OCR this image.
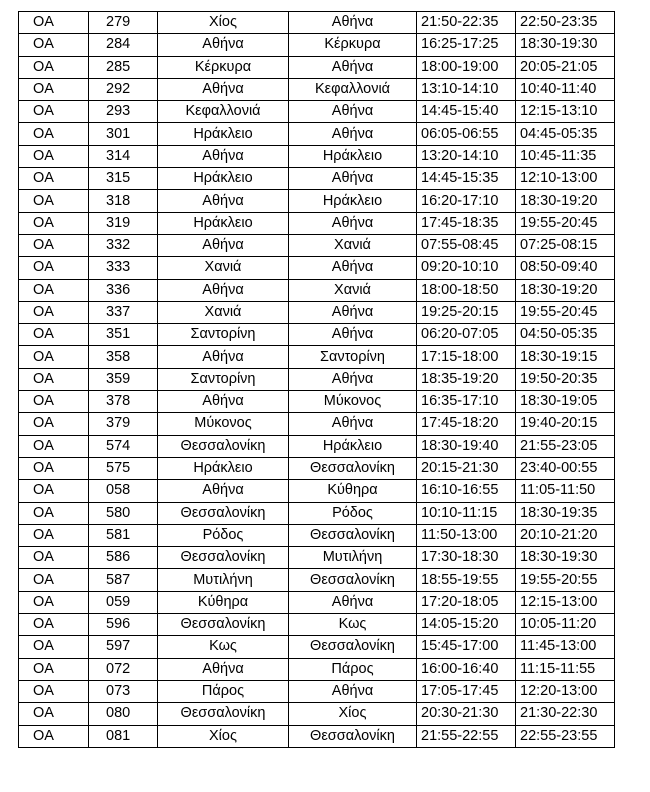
OA	279	Χίος	Αθήνα	21:50-22:35	22:50-23:35
OA	284	Αθήνα	Κέρκυρα	16:25-17:25	18:30-19:30
OA	285	Κέρκυρα	Αθήνα	18:00-19:00	20:05-21:05
OA	292	Αθήνα	Κεφαλλονιά	13:10-14:10	10:40-11:40
OA	293	Κεφαλλονιά	Αθήνα	14:45-15:40	12:15-13:10
OA	301	Ηράκλειο	Αθήνα	06:05-06:55	04:45-05:35
OA	314	Αθήνα	Ηράκλειο	13:20-14:10	10:45-11:35
OA	315	Ηράκλειο	Αθήνα	14:45-15:35	12:10-13:00
OA	318	Αθήνα	Ηράκλειο	16:20-17:10	18:30-19:20
OA	319	Ηράκλειο	Αθήνα	17:45-18:35	19:55-20:45
OA	332	Αθήνα	Χανιά	07:55-08:45	07:25-08:15
OA	333	Χανιά	Αθήνα	09:20-10:10	08:50-09:40
OA	336	Αθήνα	Χανιά	18:00-18:50	18:30-19:20
OA	337	Χανιά	Αθήνα	19:25-20:15	19:55-20:45
OA	351	Σαντορίνη	Αθήνα	06:20-07:05	04:50-05:35
OA	358	Αθήνα	Σαντορίνη	17:15-18:00	18:30-19:15
OA	359	Σαντορίνη	Αθήνα	18:35-19:20	19:50-20:35
OA	378	Αθήνα	Μύκονος	16:35-17:10	18:30-19:05
OA	379	Μύκονος	Αθήνα	17:45-18:20	19:40-20:15
OA	574	Θεσσαλονίκη	Ηράκλειο	18:30-19:40	21:55-23:05
OA	575	Ηράκλειο	Θεσσαλονίκη	20:15-21:30	23:40-00:55
OA	058	Αθήνα	Κύθηρα	16:10-16:55	11:05-11:50
OA	580	Θεσσαλονίκη	Ρόδος	10:10-11:15	18:30-19:35
OA	581	Ρόδος	Θεσσαλονίκη	11:50-13:00	20:10-21:20
OA	586	Θεσσαλονίκη	Μυτιλήνη	17:30-18:30	18:30-19:30
OA	587	Μυτιλήνη	Θεσσαλονίκη	18:55-19:55	19:55-20:55
OA	059	Κύθηρα	Αθήνα	17:20-18:05	12:15-13:00
OA	596	Θεσσαλονίκη	Κως	14:05-15:20	10:05-11:20
OA	597	Κως	Θεσσαλονίκη	15:45-17:00	11:45-13:00
OA	072	Αθήνα	Πάρος	16:00-16:40	11:15-11:55
OA	073	Πάρος	Αθήνα	17:05-17:45	12:20-13:00
OA	080	Θεσσαλονίκη	Χίος	20:30-21:30	21:30-22:30
OA	081	Χίος	Θεσσαλονίκη	21:55-22:55	22:55-23:55
